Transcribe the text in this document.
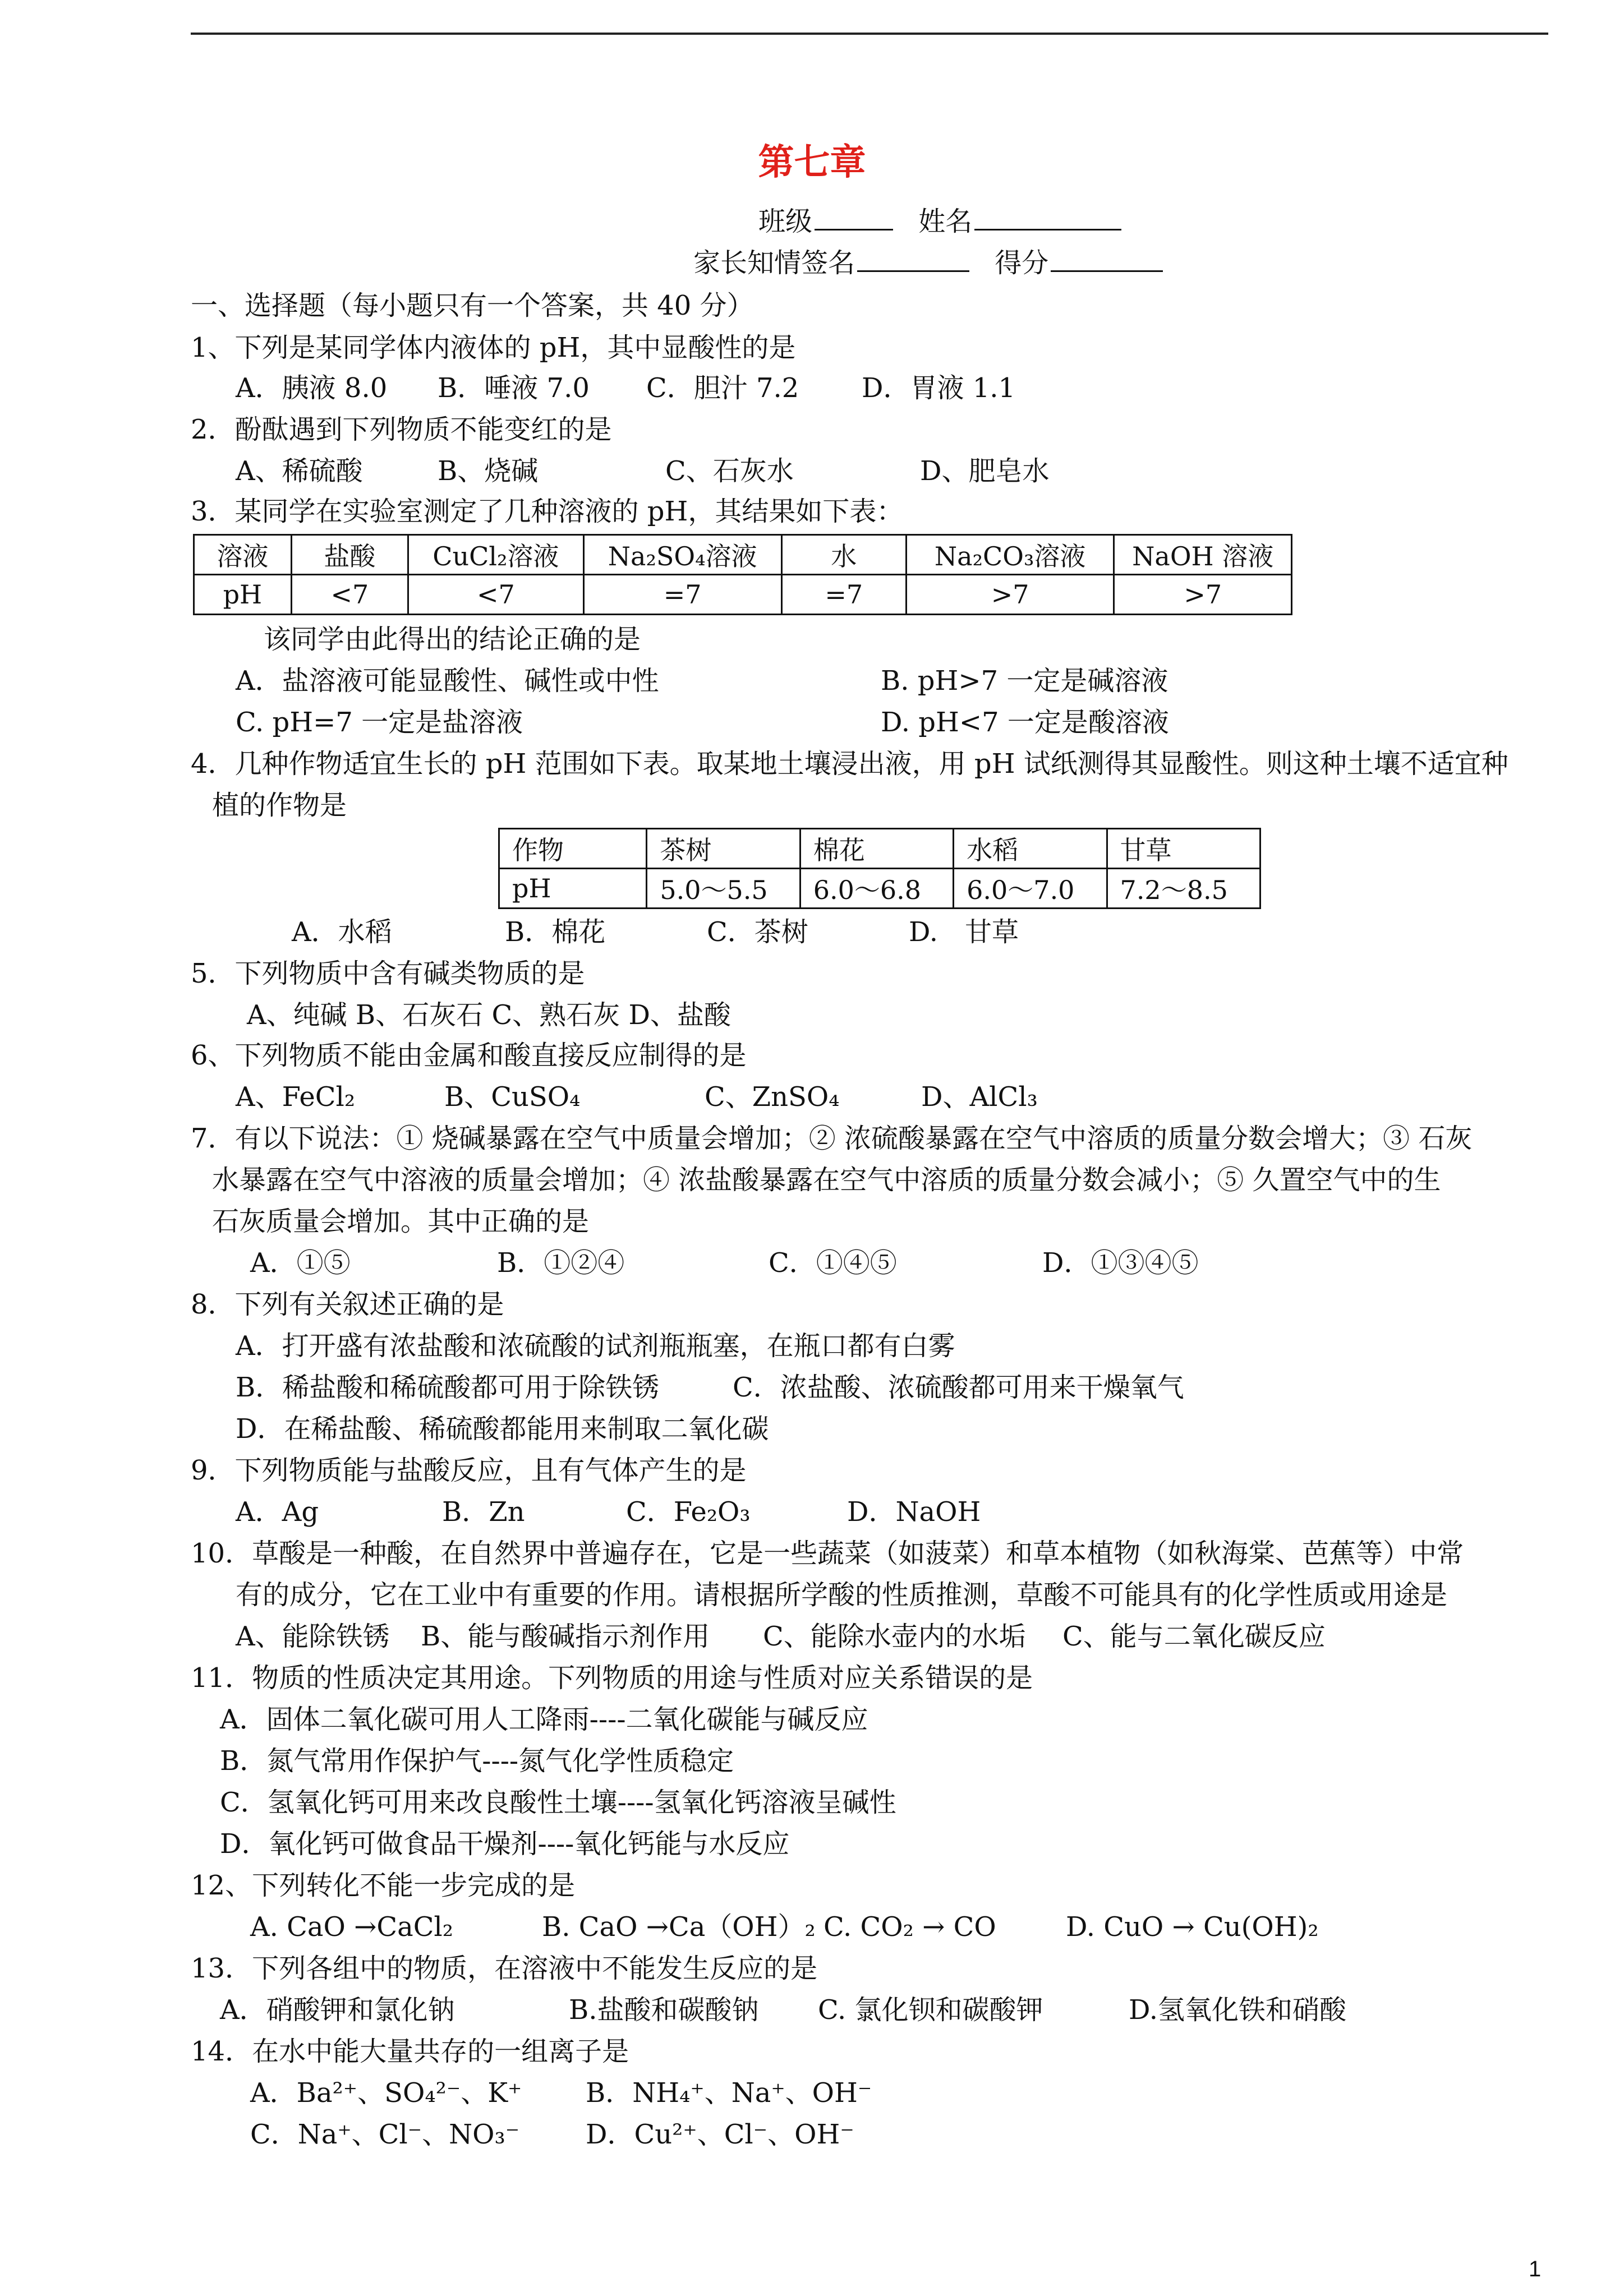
第七章
班级	姓名
家长知情签名	得分
一、选择题（每小题只有一个答案，共 40 分）
1、下列是某同学体内液体的 pH，其中显酸性的是
A．胰液 8.0 B．唾液 7.0 C．胆汁 7.2 D．胃液 1.1
2．酚酞遇到下列物质不能变红的是
A、稀硫酸	B、烧碱	C、石灰水	D、肥皂水
3．某同学在实验室测定了几种溶液的 pH，其结果如下表：
溶液	盐酸	CuCl₂溶液	Na₂SO₄溶液	水	Na₂CO₃溶液	NaOH 溶液
pH	<7	<7	=7	=7	>7	>7
该同学由此得出的结论正确的是
A．盐溶液可能显酸性、碱性或中性	B. pH>7 一定是碱溶液
C. pH=7 一定是盐溶液	D. pH<7 一定是酸溶液
4．几种作物适宜生长的 pH 范围如下表。取某地土壤浸出液，用 pH 试纸测得其显酸性。则这种土壤不适宜种
植的作物是
作物	茶树	棉花	水稻	甘草
pH	5.0～5.5	6.0～6.8	6.0～7.0	7.2～8.5
A．水稻	B．棉花	C．茶树	D.　甘草
5．下列物质中含有碱类物质的是
A、纯碱 B、石灰石 C、熟石灰 D、盐酸
6、下列物质不能由金属和酸直接反应制得的是
A、FeCl₂	B、CuSO₄	C、ZnSO₄	D、AlCl₃
7．有以下说法：① 烧碱暴露在空气中质量会增加；② 浓硫酸暴露在空气中溶质的质量分数会增大；③ 石灰
水暴露在空气中溶液的质量会增加；④ 浓盐酸暴露在空气中溶质的质量分数会减小；⑤ 久置空气中的生
石灰质量会增加。其中正确的是
A．①⑤	B．①②④	C．①④⑤	D．①③④⑤
8．下列有关叙述正确的是
A．打开盛有浓盐酸和浓硫酸的试剂瓶瓶塞，在瓶口都有白雾
B．稀盐酸和稀硫酸都可用于除铁锈	C．浓盐酸、浓硫酸都可用来干燥氧气
D．在稀盐酸、稀硫酸都能用来制取二氧化碳
9．下列物质能与盐酸反应，且有气体产生的是
A．Ag	B．Zn	C．Fe₂O₃	D．NaOH
10．草酸是一种酸，在自然界中普遍存在，它是一些蔬菜（如菠菜）和草本植物（如秋海棠、芭蕉等）中常
有的成分，它在工业中有重要的作用。请根据所学酸的性质推测，草酸不可能具有的化学性质或用途是
A、能除铁锈 B、能与酸碱指示剂作用 C、能除水壶内的水垢 C、能与二氧化碳反应
11．物质的性质决定其用途。下列物质的用途与性质对应关系错误的是
A．固体二氧化碳可用人工降雨----二氧化碳能与碱反应
B．氮气常用作保护气----氮气化学性质稳定
C．氢氧化钙可用来改良酸性土壤----氢氧化钙溶液呈碱性
D．氧化钙可做食品干燥剂----氧化钙能与水反应
12、下列转化不能一步完成的是
A. CaO →CaCl₂	B. CaO →Ca（OH）₂ C. CO₂ → CO	D. CuO → Cu(OH)₂
13．下列各组中的物质，在溶液中不能发生反应的是
A．硝酸钾和氯化钠	B.盐酸和碳酸钠 C. 氯化钡和碳酸钾	D.氢氧化铁和硝酸
14．在水中能大量共存的一组离子是
A．Ba²⁺、SO₄²⁻、K⁺ B．NH₄⁺、Na⁺、OH⁻
C．Na⁺、Cl⁻、NO₃⁻ D．Cu²⁺、Cl⁻、OH⁻
1
